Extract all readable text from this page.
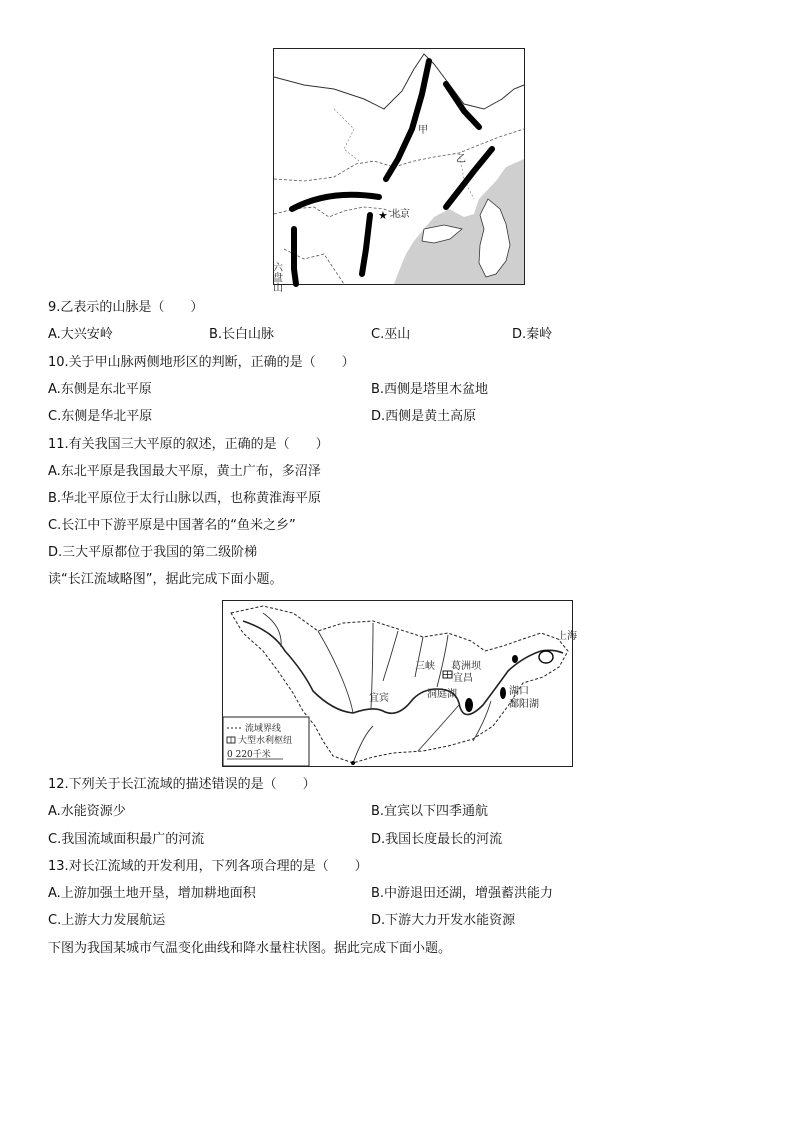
★ 北京
甲
乙
六盘山
9.乙表示的山脉是（　　）
A.大兴安岭	B.长白山脉	C.巫山	D.秦岭
10.关于甲山脉两侧地形区的判断，正确的是（　　）
A.东侧是东北平原	B.西侧是塔里木盆地
C.东侧是华北平原	D.西侧是黄土高原
11.有关我国三大平原的叙述，正确的是（　　）
A.东北平原是我国最大平原，黄土广布，多沼泽
B.华北平原位于太行山脉以西，也称黄淮海平原
C.长江中下游平原是中国著名的“鱼米之乡”
D.三大平原都位于我国的第二级阶梯
读“长江流域略图”，据此完成下面小题。
三峡 葛洲坝
宜昌
宜宾	洞庭湖	湖口
鄱阳湖
上海
流域界线
大型水利枢纽
0 220千米
12.下列关于长江流域的描述错误的是（　　）
A.水能资源少	B.宜宾以下四季通航
C.我国流域面积最广的河流	D.我国长度最长的河流
13.对长江流域的开发利用，下列各项合理的是（　　）
A.上游加强土地开垦，增加耕地面积	B.中游退田还湖，增强蓄洪能力
C.上游大力发展航运	D.下游大力开发水能资源
下图为我国某城市气温变化曲线和降水量柱状图。据此完成下面小题。
